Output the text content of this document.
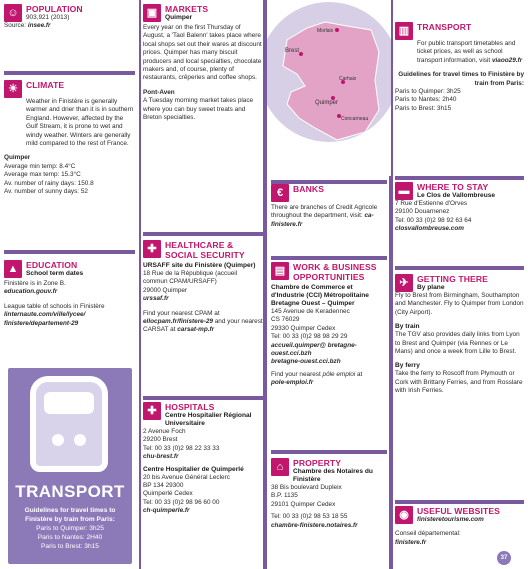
☺ POPULATION
903,921 (2013)
Source: insee.fr
☀ CLIMATE
Weather in Finistère is generally warmer and drier than it is in southern England. However, affected by the Gulf Stream, it is prone to wet and windy weather. Winters are generally mild compared to the rest of France.
Quimper
Average min temp: 8.4°C
Average max temp: 15.3°C
Av. number of rainy days: 150.8
Av. number of sunny days: 52
▲ EDUCATION
School term dates
Finistère is in Zone B.
education.gouv.fr
League table of schools in Finistère
linternaute.com/ville/lycee/ finistere/departement-29
TRANSPORT
Guidelines for travel times to
Finistère by train from Paris:
Paris to Quimper: 3h25
Paris to Nantes: 2H40
Paris to Brest: 3h15
▣ MARKETS
Quimper
Every year on the first Thursday of August, a 'Taol Balenn' takes place where local shops set out their wares at discount prices. Quimper has many biscuit producers and local specialties, chocolate makers and, of course, plenty of restaurants, crêperies and coffee shops.
Pont-Aven
A Tuesday morning market takes place where you can buy sweet treats and Breton specialties.
✚ HEALTHCARE & SOCIAL SECURITY
URSAFF site du Finistère (Quimper)
18 Rue de la République (accueil
commun CPAM/URSAFF)
29000 Quimper
urssaf.fr
Find your nearest CPAM at ellocpam.fr/finistere-29 and your nearest CARSAT at carsat-mp.fr
✚ HOSPITALS
Centre Hospitalier Régional Universitaire
2 Avenue Foch
29200 Brest
Tel: 00 33 (0)2 98 22 33 33
chu-brest.fr
Centre Hospitalier de Quimperlé
20 bis Avenue Général Leclerc
BP 134 29300
Quimperlé Cedex
Tel: 00 33 (0)2 98 96 60 00
ch-quimperle.fr
Brest
Morlaix
Quimper
Concarneau
Carhaix
€	BANKS
There are branches of Credit Agricole throughout the department, visit: ca-finistere.fr
▤ WORK & BUSINESS OPPORTUNITIES
Chambre de Commerce et d'Industrie (CCI) Métropolitaine Bretagne Ouest – Quimper
145 Avenue de Keradennec
CS 76029
29330 Quimper Cedex
Tel: 00 33 (0)2 98 98 29 29
accueil.quimper@ bretagne-ouest.cci.bzh
bretagne-ouest.cci.bzh
Find your nearest pôle emploi at
pole-emploi.fr
⌂	PROPERTY
Chambre des Notaires du Finistère
38 Bis boulevard Dupleix
B.P. 1135
29101 Quimper Cedex
Tel: 00 33 (0)2 98 53 18 55
chambre-finistere.notaires.fr
▥ TRANSPORT
For public transport timetables and ticket prices, as well as school transport information, visit viaoo29.fr
Guidelines for travel times to Finistère by train from Paris:
Paris to Quimper: 3h25
Paris to Nantes: 2h40
Paris to Brest: 3h15
▬ WHERE TO STAY
Le Clos de Vallombreuse
7 Rue d'Estienne d'Orves
29100 Douarnenez
Tel: 00 33 (0)2 98 92 63 64
closvallombreuse.com
✈ GETTING THERE
By plane
Fly to Brest from Birmingham, Southampton and Manchester. Fly to Quimper from London (City Airport).
By train
The TGV also provides daily links from Lyon to Brest and Quimper (via Rennes or Le Mans) and once a week from Lille to Brest.
By ferry
Take the ferry to Roscoff from Plymouth or Cork with Brittany Ferries, and from Rosslare with Irish Ferries.
◉ USEFUL WEBSITES
finisteretourisme.com
Conseil départemental:
finistere.fr
37
